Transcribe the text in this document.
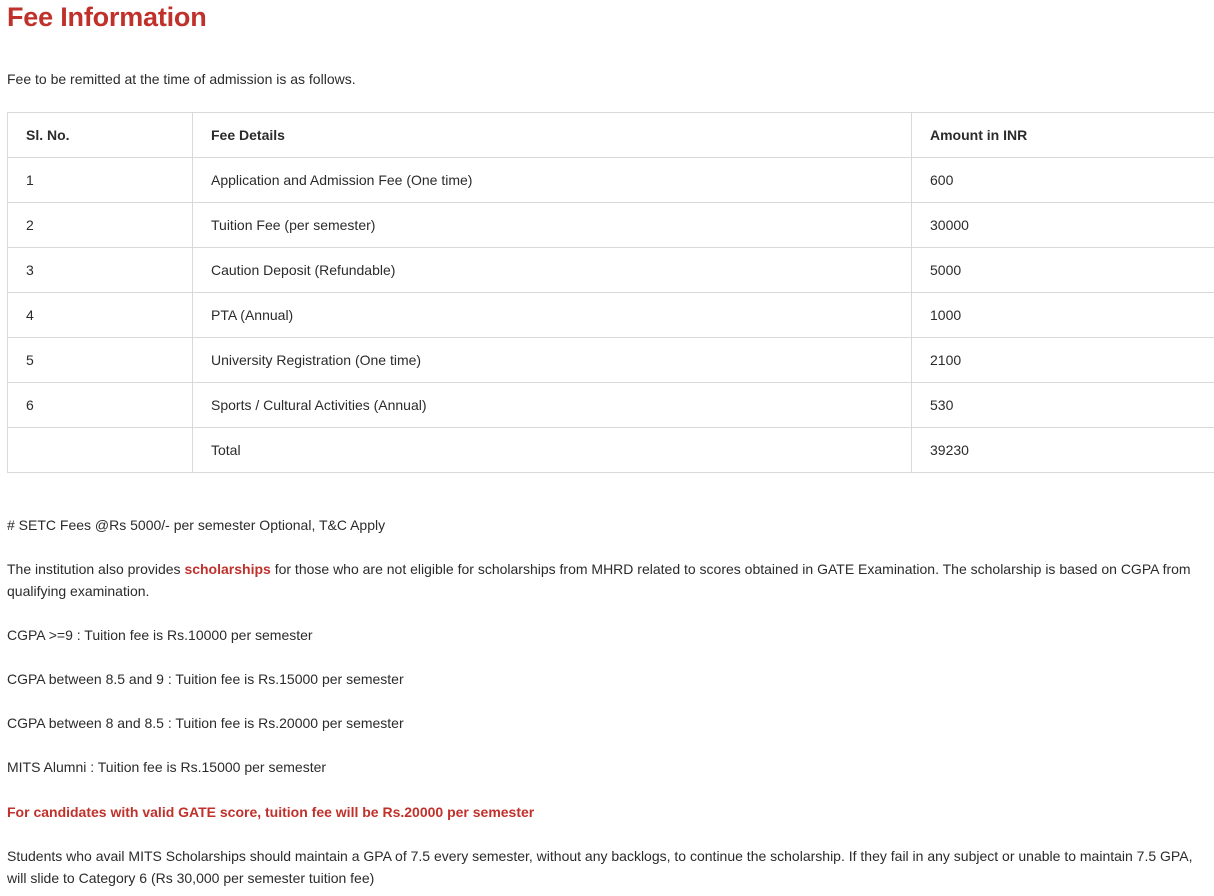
Fee Information

Fee to be remitted at the time of admission is as follows.

Sl. No.	Fee Details	Amount in INR
1	Application and Admission Fee (One time)	600
2	Tuition Fee (per semester)	30000
3	Caution Deposit (Refundable)	5000
4	PTA (Annual)	1000
5	University Registration (One time)	2100
6	Sports / Cultural Activities (Annual)	530
	Total	39230

# SETC Fees @Rs 5000/- per semester Optional, T&C Apply

The institution also provides scholarships for those who are not eligible for scholarships from MHRD related to scores obtained in GATE Examination. The scholarship is based on CGPA from qualifying examination.

CGPA >=9 : Tuition fee is Rs.10000 per semester

CGPA between 8.5 and 9 : Tuition fee is Rs.15000 per semester

CGPA between 8 and 8.5 : Tuition fee is Rs.20000 per semester

MITS Alumni : Tuition fee is Rs.15000 per semester

For candidates with valid GATE score, tuition fee will be Rs.20000 per semester

Students who avail MITS Scholarships should maintain a GPA of 7.5 every semester, without any backlogs, to continue the scholarship. If they fail in any subject or unable to maintain 7.5 GPA, will slide to Category 6 (Rs 30,000 per semester tuition fee)
